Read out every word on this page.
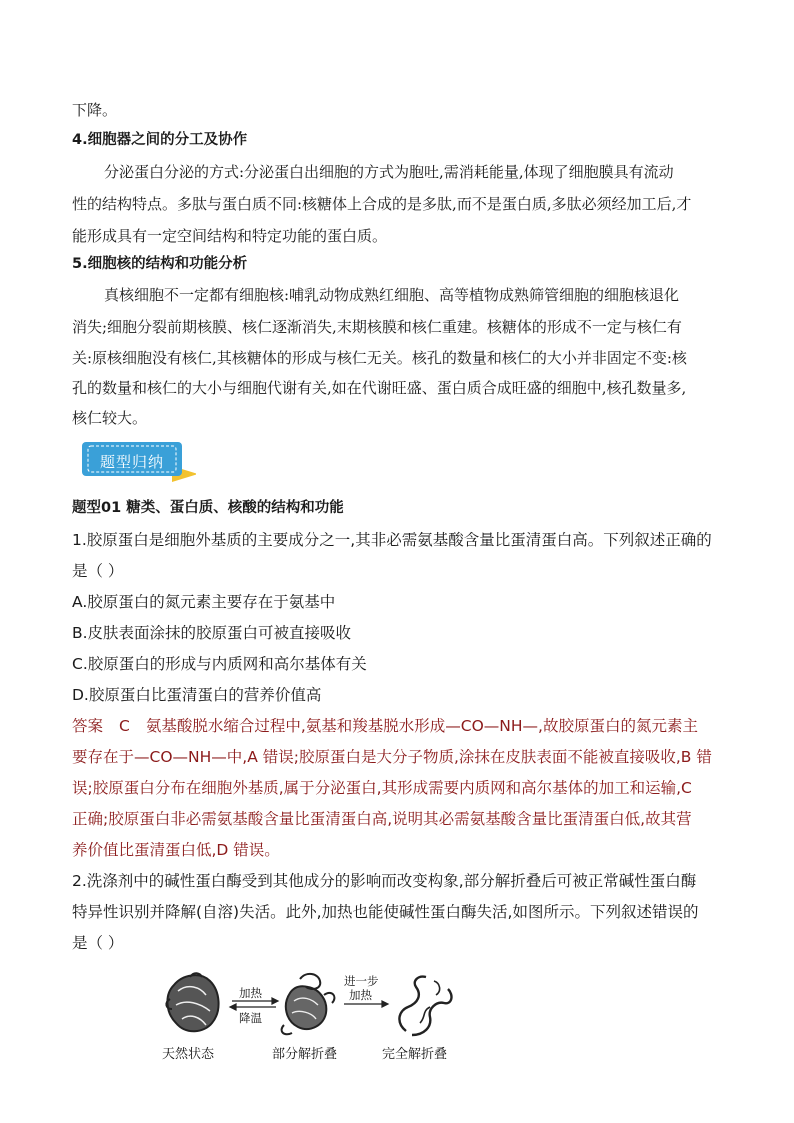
下降。
4.细胞器之间的分工及协作
分泌蛋白分泌的方式:分泌蛋白出细胞的方式为胞吐,需消耗能量,体现了细胞膜具有流动
性的结构特点。多肽与蛋白质不同:核糖体上合成的是多肽,而不是蛋白质,多肽必须经加工后,才
能形成具有一定空间结构和特定功能的蛋白质。
5.细胞核的结构和功能分析
真核细胞不一定都有细胞核:哺乳动物成熟红细胞、高等植物成熟筛管细胞的细胞核退化
消失;细胞分裂前期核膜、核仁逐渐消失,末期核膜和核仁重建。核糖体的形成不一定与核仁有
关:原核细胞没有核仁,其核糖体的形成与核仁无关。核孔的数量和核仁的大小并非固定不变:核
孔的数量和核仁的大小与细胞代谢有关,如在代谢旺盛、蛋白质合成旺盛的细胞中,核孔数量多,
核仁较大。
题型归纳
题型01 糖类、蛋白质、核酸的结构和功能
1.胶原蛋白是细胞外基质的主要成分之一,其非必需氨基酸含量比蛋清蛋白高。下列叙述正确的
是（ ）
A.胶原蛋白的氮元素主要存在于氨基中
B.皮肤表面涂抹的胶原蛋白可被直接吸收
C.胶原蛋白的形成与内质网和高尔基体有关
D.胶原蛋白比蛋清蛋白的营养价值高
答案 C 氨基酸脱水缩合过程中,氨基和羧基脱水形成—CO—NH—,故胶原蛋白的氮元素主
要存在于—CO—NH—中,A 错误;胶原蛋白是大分子物质,涂抹在皮肤表面不能被直接吸收,B 错
误;胶原蛋白分布在细胞外基质,属于分泌蛋白,其形成需要内质网和高尔基体的加工和运输,C
正确;胶原蛋白非必需氨基酸含量比蛋清蛋白高,说明其必需氨基酸含量比蛋清蛋白低,故其营
养价值比蛋清蛋白低,D 错误。
2.洗涤剂中的碱性蛋白酶受到其他成分的影响而改变构象,部分解折叠后可被正常碱性蛋白酶
特异性识别并降解(自溶)失活。此外,加热也能使碱性蛋白酶失活,如图所示。下列叙述错误的
是（ ）
加热
降温
进一步
加热
天然状态	部分解折叠	完全解折叠
